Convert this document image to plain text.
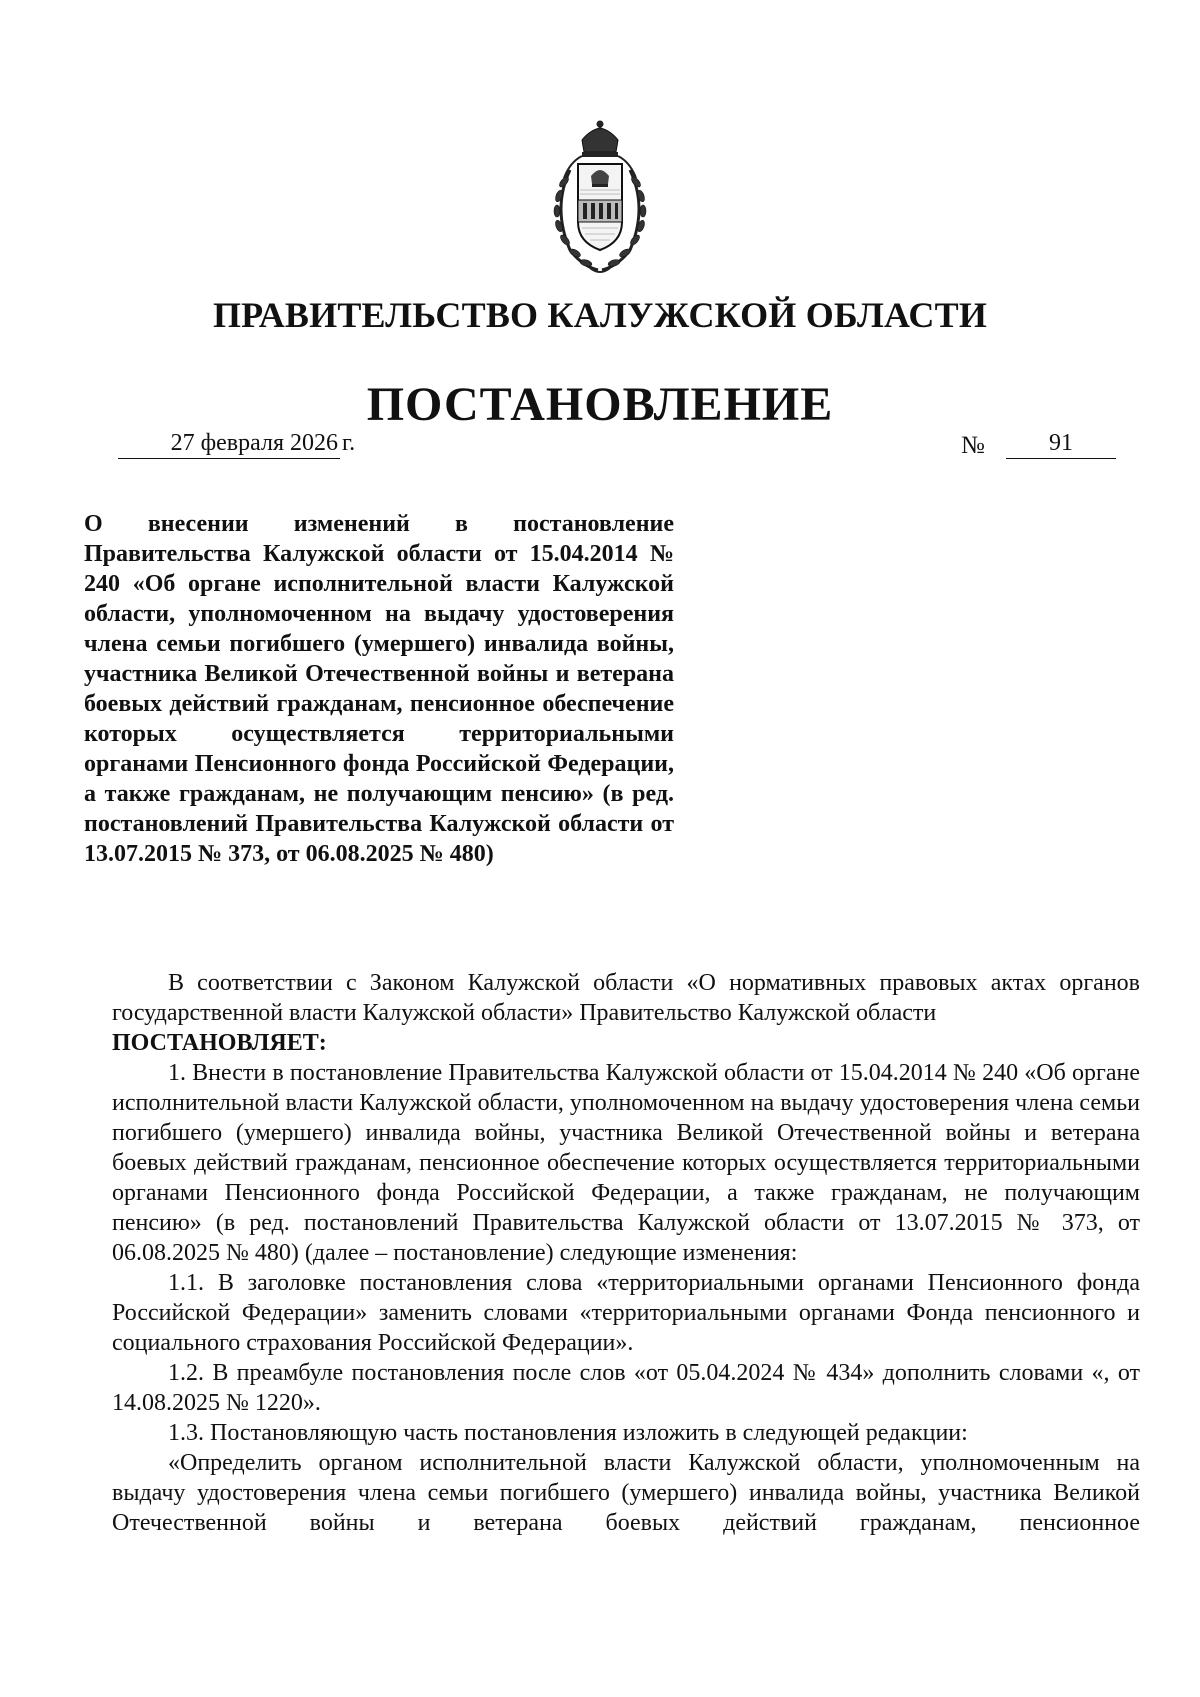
ПРАВИТЕЛЬСТВО КАЛУЖСКОЙ ОБЛАСТИ
ПОСТАНОВЛЕНИЕ
27 февраля 2026 г.	№	91
О внесении изменений в постановление Правительства Калужской области от 15.04.2014 № 240 «Об органе исполнительной власти Калужской области, уполномоченном на выдачу удостоверения члена семьи погибшего (умершего) инвалида войны, участника Великой Отечественной войны и ветерана боевых действий гражданам, пенсионное обеспечение которых осуществляется территориальными органами Пенсионного фонда Российской Федерации, а также гражданам, не получающим пенсию» (в ред. постановлений Правительства Калужской области от 13.07.2015 № 373, от 06.08.2025 № 480)

В соответствии с Законом Калужской области «О нормативных правовых актах органов государственной власти Калужской области» Правительство Калужской области
ПОСТАНОВЛЯЕТ:

1. Внести в постановление Правительства Калужской области от 15.04.2014 № 240 «Об органе исполнительной власти Калужской области, уполномоченном на выдачу удостоверения члена семьи погибшего (умершего) инвалида войны, участника Великой Отечественной войны и ветерана боевых действий гражданам, пенсионное обеспечение которых осуществляется территориальными органами Пенсионного фонда Российской Федерации, а также гражданам, не получающим пенсию» (в ред. постановлений Правительства Калужской области от 13.07.2015 № 373, от 06.08.2025 № 480) (далее – постановление) следующие изменения:

1.1. В заголовке постановления слова «территориальными органами Пенсионного фонда Российской Федерации» заменить словами «территориальными органами Фонда пенсионного и социального страхования Российской Федерации».

1.2. В преамбуле постановления после слов «от 05.04.2024 № 434» дополнить словами «, от 14.08.2025 № 1220».

1.3. Постановляющую часть постановления изложить в следующей редакции:

«Определить органом исполнительной власти Калужской области, уполномоченным на выдачу удостоверения члена семьи погибшего (умершего) инвалида войны, участника Великой Отечественной войны и ветерана боевых действий гражданам, пенсионное
